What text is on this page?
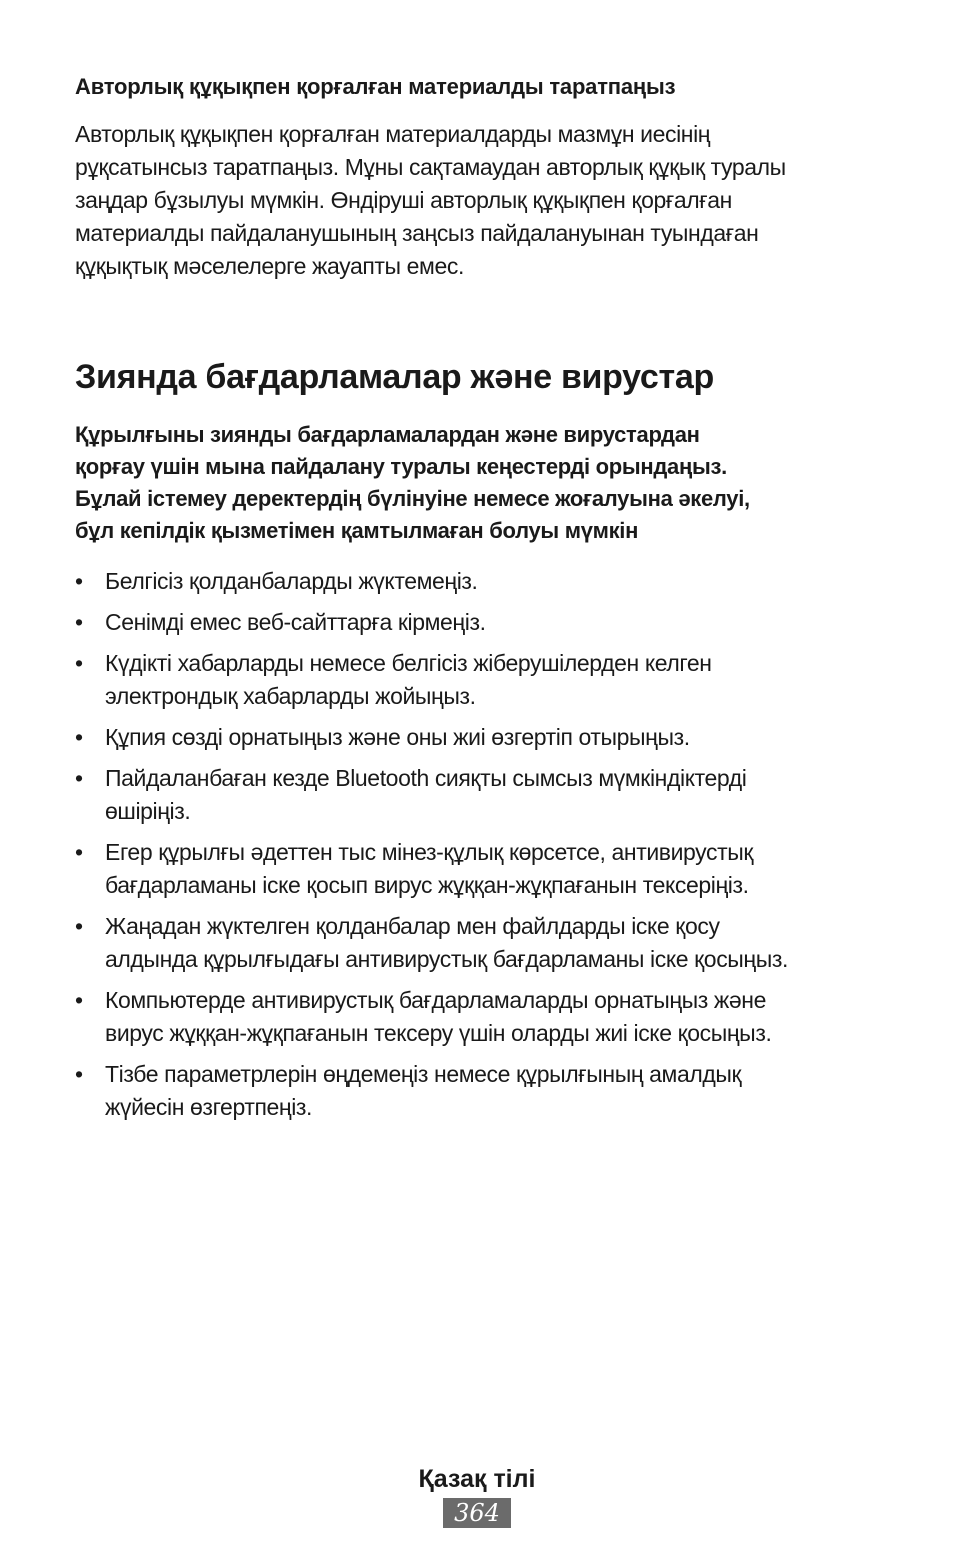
Авторлық құқықпен қорғалған материалды таратпаңыз

Авторлық құқықпен қорғалған материалдарды мазмұн иесінің
рұқсатынсыз таратпаңыз. Мұны сақтамаудан авторлық құқық туралы
заңдар бұзылуы мүмкін. Өндіруші авторлық құқықпен қорғалған
материалды пайдаланушының заңсыз пайдалануынан туындаған
құқықтық мәселелерге жауапты емес.

Зиянда бағдарламалар және вирустар
Құрылғыны зиянды бағдарламалардан және вирустардан
қорғау үшін мына пайдалану туралы кеңестерді орындаңыз.
Бұлай істемеу деректердің бүлінуіне немесе жоғалуына әкелуі,
бұл кепілдік қызметімен қамтылмаған болуы мүмкін
• Белгісіз қолданбаларды жүктемеңіз.
• Сенімді емес веб-сайттарға кірмеңіз.
• Күдікті хабарларды немесе белгісіз жіберушілерден келген
электрондық хабарларды жойыңыз.
• Құпия сөзді орнатыңыз және оны жиі өзгертіп отырыңыз.
• Пайдаланбаған кезде Bluetooth сияқты сымсыз мүмкіндіктерді
өшіріңіз.
• Егер құрылғы әдеттен тыс мінез-құлық көрсетсе, антивирустық
бағдарламаны іске қосып вирус жұққан-жұқпағанын тексеріңіз.
• Жаңадан жүктелген қолданбалар мен файлдарды іске қосу
алдында құрылғыдағы антивирустық бағдарламаны іске қосыңыз.
• Компьютерде антивирустық бағдарламаларды орнатыңыз және
вирус жұққан-жұқпағанын тексеру үшін оларды жиі іске қосыңыз.
• Тізбе параметрлерін өңдемеңіз немесе құрылғының амалдық
жүйесін өзгертпеңіз.
Қазақ тілі
364
